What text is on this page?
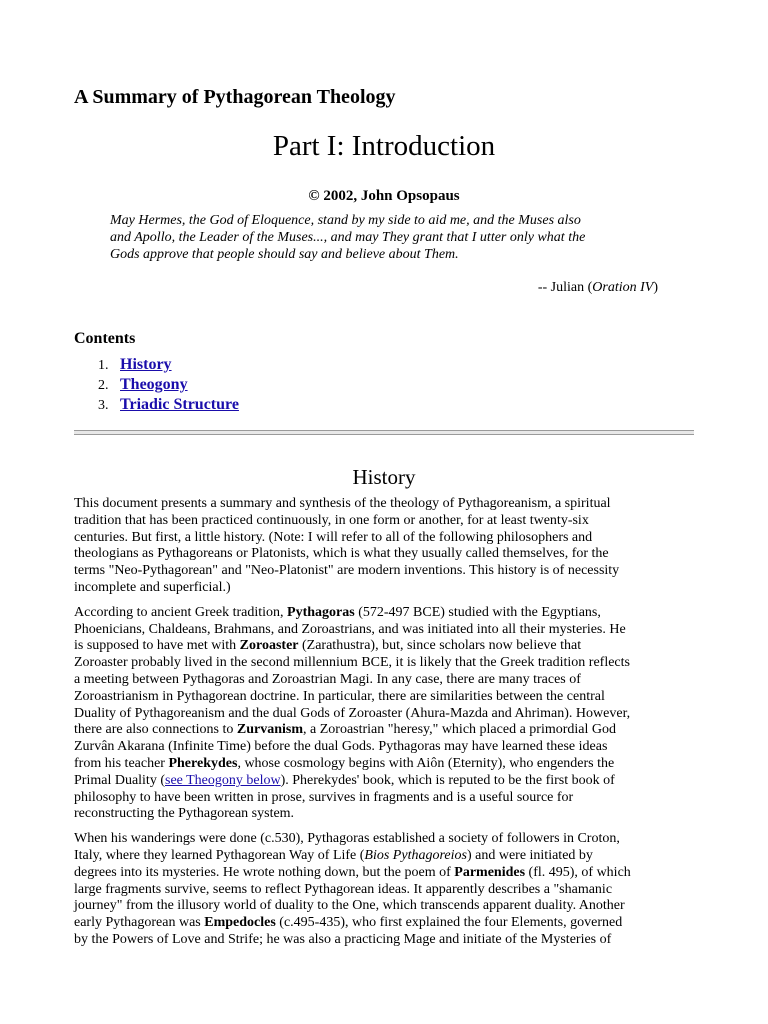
A Summary of Pythagorean Theology
Part I: Introduction
© 2002, John Opsopaus
May Hermes, the God of Eloquence, stand by my side to aid me, and the Muses also
and Apollo, the Leader of the Muses..., and may They grant that I utter only what the
Gods approve that people should say and believe about Them.
-- Julian (Oration IV)
Contents
1. History
2. Theogony
3. Triadic Structure
History
This document presents a summary and synthesis of the theology of Pythagoreanism, a spiritual
tradition that has been practiced continuously, in one form or another, for at least twenty-six
centuries. But first, a little history. (Note: I will refer to all of the following philosophers and
theologians as Pythagoreans or Platonists, which is what they usually called themselves, for the
terms "Neo-Pythagorean" and "Neo-Platonist" are modern inventions. This history is of necessity
incomplete and superficial.)
According to ancient Greek tradition, Pythagoras (572-497 BCE) studied with the Egyptians,
Phoenicians, Chaldeans, Brahmans, and Zoroastrians, and was initiated into all their mysteries. He
is supposed to have met with Zoroaster (Zarathustra), but, since scholars now believe that
Zoroaster probably lived in the second millennium BCE, it is likely that the Greek tradition reflects
a meeting between Pythagoras and Zoroastrian Magi. In any case, there are many traces of
Zoroastrianism in Pythagorean doctrine. In particular, there are similarities between the central
Duality of Pythagoreanism and the dual Gods of Zoroaster (Ahura-Mazda and Ahriman). However,
there are also connections to Zurvanism, a Zoroastrian "heresy," which placed a primordial God
Zurvân Akarana (Infinite Time) before the dual Gods. Pythagoras may have learned these ideas
from his teacher Pherekydes, whose cosmology begins with Aiôn (Eternity), who engenders the
Primal Duality (see Theogony below). Pherekydes' book, which is reputed to be the first book of
philosophy to have been written in prose, survives in fragments and is a useful source for
reconstructing the Pythagorean system.
When his wanderings were done (c.530), Pythagoras established a society of followers in Croton,
Italy, where they learned Pythagorean Way of Life (Bios Pythagoreios) and were initiated by
degrees into its mysteries. He wrote nothing down, but the poem of Parmenides (fl. 495), of which
large fragments survive, seems to reflect Pythagorean ideas. It apparently describes a "shamanic
journey" from the illusory world of duality to the One, which transcends apparent duality. Another
early Pythagorean was Empedocles (c.495-435), who first explained the four Elements, governed
by the Powers of Love and Strife; he was also a practicing Mage and initiate of the Mysteries of
